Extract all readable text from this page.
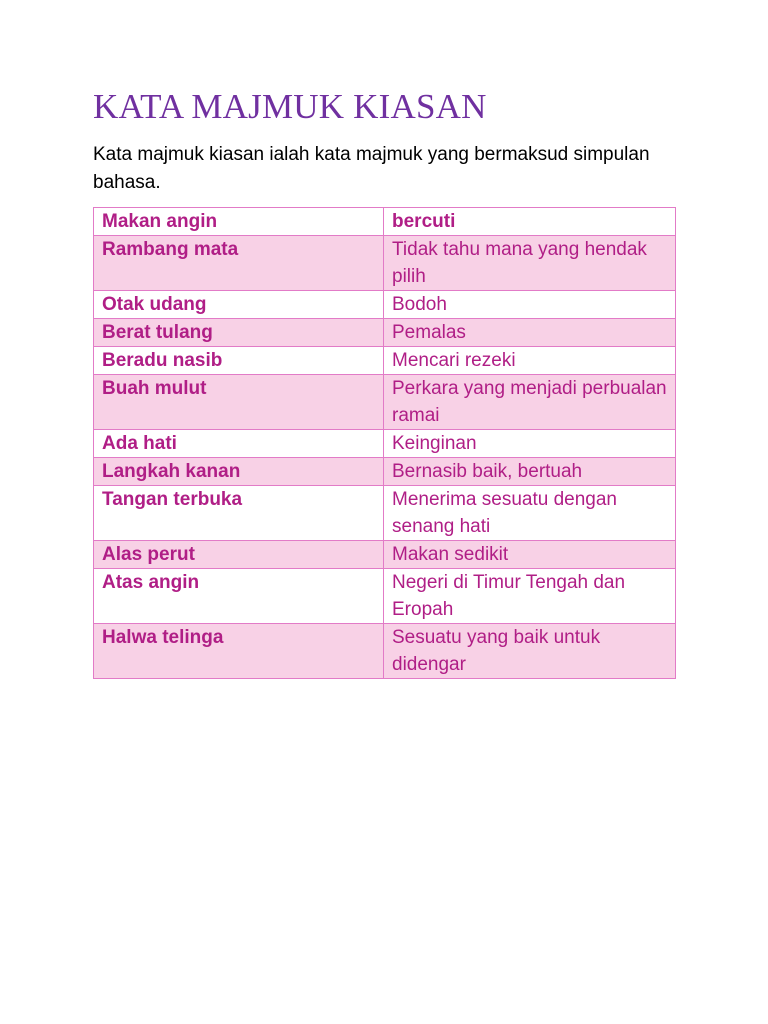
KATA MAJMUK KIASAN

Kata majmuk kiasan ialah kata majmuk yang bermaksud simpulan bahasa.

Makan angin	bercuti
Rambang mata	Tidak tahu mana yang hendak pilih
Otak udang	Bodoh
Berat tulang	Pemalas
Beradu nasib	Mencari rezeki
Buah mulut	Perkara yang menjadi perbualan ramai
Ada hati	Keinginan
Langkah kanan	Bernasib baik, bertuah
Tangan terbuka	Menerima sesuatu dengan senang hati
Alas perut	Makan sedikit
Atas angin	Negeri di Timur Tengah dan Eropah
Halwa telinga	Sesuatu yang baik untuk didengar
